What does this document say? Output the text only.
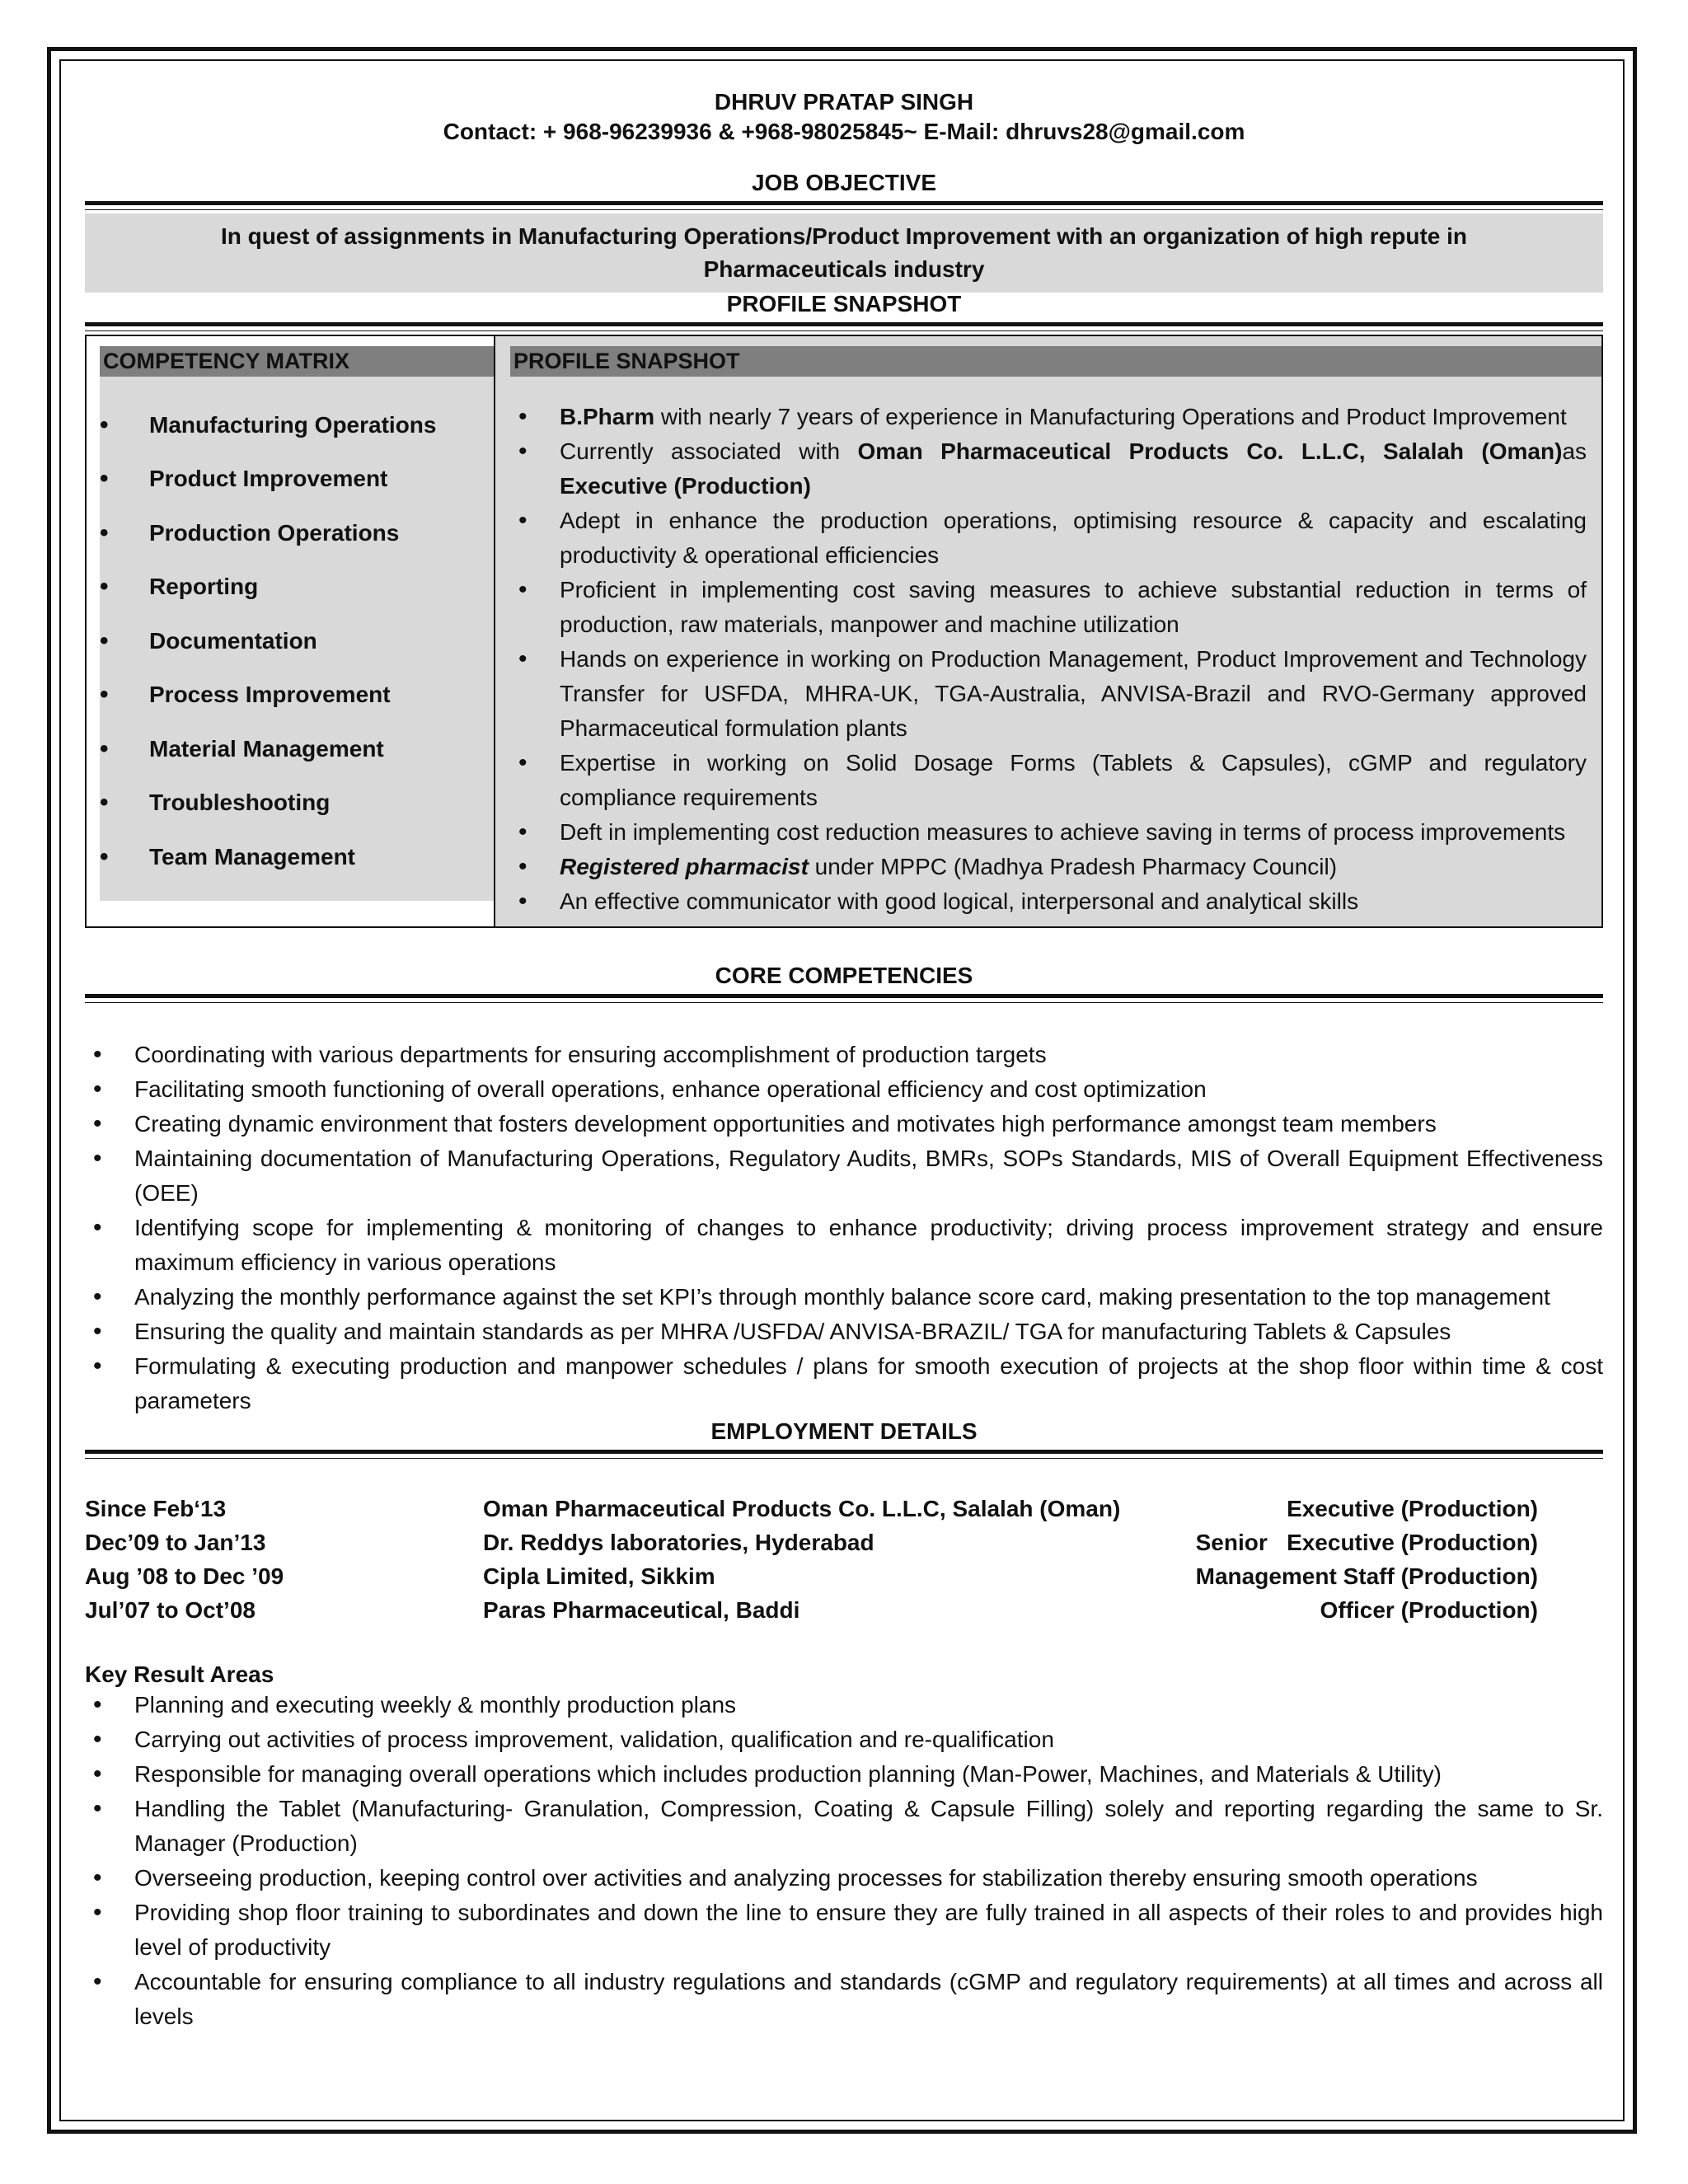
DHRUV PRATAP SINGH
Contact: + 968-96239936 & +968-98025845~ E-Mail: dhruvs28@gmail.com
JOB OBJECTIVE
In quest of assignments in Manufacturing Operations/Product Improvement with an organization of high repute in Pharmaceuticals industry
PROFILE SNAPSHOT
COMPETENCY MATRIX
• Manufacturing Operations
• Product Improvement
• Production Operations
• Reporting
• Documentation
• Process Improvement
• Material Management
• Troubleshooting
• Team Management
PROFILE SNAPSHOT
• B.Pharm with nearly 7 years of experience in Manufacturing Operations and Product Improvement
• Currently associated with Oman Pharmaceutical Products Co. L.L.C, Salalah (Oman)as Executive (Production)
• Adept in enhance the production operations, optimising resource & capacity and escalating productivity & operational efficiencies
• Proficient in implementing cost saving measures to achieve substantial reduction in terms of production, raw materials, manpower and machine utilization
• Hands on experience in working on Production Management, Product Improvement and Technology Transfer for USFDA, MHRA-UK, TGA-Australia, ANVISA-Brazil and RVO-Germany approved Pharmaceutical formulation plants
• Expertise in working on Solid Dosage Forms (Tablets & Capsules), cGMP and regulatory compliance requirements
• Deft in implementing cost reduction measures to achieve saving in terms of process improvements
• Registered pharmacist under MPPC (Madhya Pradesh Pharmacy Council)
• An effective communicator with good logical, interpersonal and analytical skills
CORE COMPETENCIES
• Coordinating with various departments for ensuring accomplishment of production targets
• Facilitating smooth functioning of overall operations, enhance operational efficiency and cost optimization
• Creating dynamic environment that fosters development opportunities and motivates high performance amongst team members
• Maintaining documentation of Manufacturing Operations, Regulatory Audits, BMRs, SOPs Standards, MIS of Overall Equipment Effectiveness (OEE)
• Identifying scope for implementing & monitoring of changes to enhance productivity; driving process improvement strategy and ensure maximum efficiency in various operations
• Analyzing the monthly performance against the set KPI’s through monthly balance score card, making presentation to the top management
• Ensuring the quality and maintain standards as per MHRA /USFDA/ ANVISA-BRAZIL/ TGA for manufacturing Tablets & Capsules
• Formulating & executing production and manpower schedules / plans for smooth execution of projects at the shop floor within time & cost parameters
EMPLOYMENT DETAILS
Since Feb‘13	Oman Pharmaceutical Products Co. L.L.C, Salalah (Oman)	Executive (Production)
Dec’09 to Jan’13	Dr. Reddys laboratories, Hyderabad	Senior   Executive (Production)
Aug ’08 to Dec ’09	Cipla Limited, Sikkim	Management Staff (Production)
Jul’07 to Oct’08	Paras Pharmaceutical, Baddi	Officer (Production)
Key Result Areas
• Planning and executing weekly & monthly production plans
• Carrying out activities of process improvement, validation, qualification and re-qualification
• Responsible for managing overall operations which includes production planning (Man-Power, Machines, and Materials & Utility)
• Handling the Tablet (Manufacturing- Granulation, Compression, Coating & Capsule Filling) solely and reporting regarding the same to Sr. Manager (Production)
• Overseeing production, keeping control over activities and analyzing processes for stabilization thereby ensuring smooth operations
• Providing shop floor training to subordinates and down the line to ensure they are fully trained in all aspects of their roles to and provides high level of productivity
• Accountable for ensuring compliance to all industry regulations and standards (cGMP and regulatory requirements) at all times and across all levels
